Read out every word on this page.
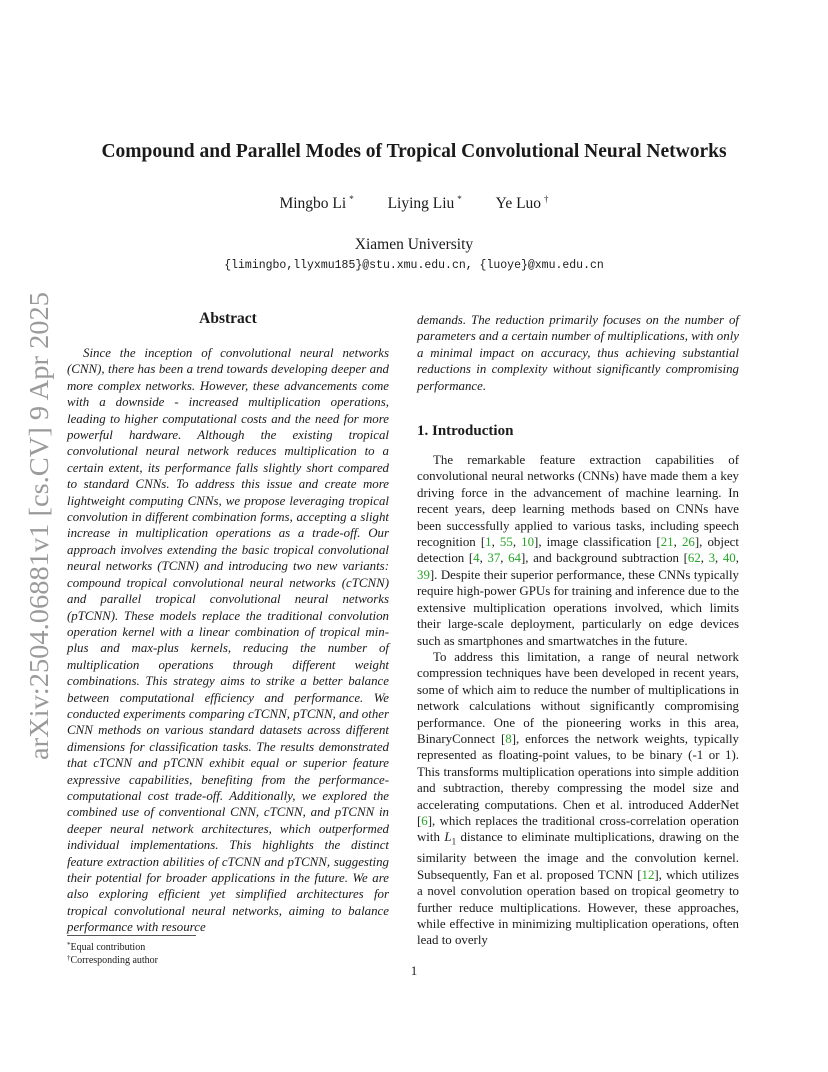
arXiv:2504.06881v1 [cs.CV] 9 Apr 2025
Compound and Parallel Modes of Tropical Convolutional Neural Networks
Mingbo Li * Liying Liu * Ye Luo †
Xiamen University
{limingbo,llyxmu185}@stu.xmu.edu.cn, {luoye}@xmu.edu.cn
Abstract

Since the inception of convolutional neural networks (CNN), there has been a trend towards developing deeper and more complex networks. However, these advancements come with a downside - increased multiplication operations, leading to higher computational costs and the need for more powerful hardware. Although the existing tropical convolutional neural network reduces multiplication to a certain extent, its performance falls slightly short compared to standard CNNs. To address this issue and create more lightweight computing CNNs, we propose leveraging tropical convolution in different combination forms, accepting a slight increase in multiplication operations as a trade-off. Our approach involves extending the basic tropical convolutional neural networks (TCNN) and introducing two new variants: compound tropical convolutional neural networks (cTCNN) and parallel tropical convolutional neural networks (pTCNN). These models replace the traditional convolution operation kernel with a linear combination of tropical min-plus and max-plus kernels, reducing the number of multiplication operations through different weight combinations. This strategy aims to strike a better balance between computational efficiency and performance. We conducted experiments comparing cTCNN, pTCNN, and other CNN methods on various standard datasets across different dimensions for classification tasks. The results demonstrated that cTCNN and pTCNN exhibit equal or superior feature expressive capabilities, benefiting from the performance-computational cost trade-off. Additionally, we explored the combined use of conventional CNN, cTCNN, and pTCNN in deeper neural network architectures, which outperformed individual implementations. This highlights the distinct feature extraction abilities of cTCNN and pTCNN, suggesting their potential for broader applications in the future. We are also exploring efficient yet simplified architectures for tropical convolutional neural networks, aiming to balance performance with resource

demands. The reduction primarily focuses on the number of parameters and a certain number of multiplications, with only a minimal impact on accuracy, thus achieving substantial reductions in complexity without significantly compromising performance.

1. Introduction

The remarkable feature extraction capabilities of convolutional neural networks (CNNs) have made them a key driving force in the advancement of machine learning. In recent years, deep learning methods based on CNNs have been successfully applied to various tasks, including speech recognition [1, 55, 10], image classification [21, 26], object detection [4, 37, 64], and background subtraction [62, 3, 40, 39]. Despite their superior performance, these CNNs typically require high-power GPUs for training and inference due to the extensive multiplication operations involved, which limits their large-scale deployment, particularly on edge devices such as smartphones and smartwatches in the future.

To address this limitation, a range of neural network compression techniques have been developed in recent years, some of which aim to reduce the number of multiplications in network calculations without significantly compromising performance. One of the pioneering works in this area, BinaryConnect [8], enforces the network weights, typically represented as floating-point values, to be binary (-1 or 1). This transforms multiplication operations into simple addition and subtraction, thereby compressing the model size and accelerating computations. Chen et al. introduced AdderNet [6], which replaces the traditional cross-correlation operation with $L_1$ distance to eliminate multiplications, drawing on the similarity between the image and the convolution kernel. Subsequently, Fan et al. proposed TCNN [12], which utilizes a novel convolution operation based on tropical geometry to further reduce multiplications. However, these approaches, while effective in minimizing multiplication operations, often lead to overly

*Equal contribution
†Corresponding author
1
